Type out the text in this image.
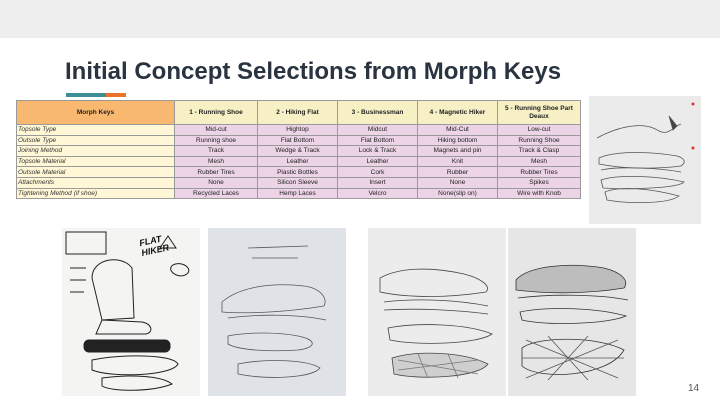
Initial Concept Selections from Morph Keys
Morph Keys	1 - Running Shoe	2 - Hiking Flat	3 - Businessman	4 - Magnetic Hiker	5 - Running Shoe Part Deaux
Topsole Type	Mid-cut	Hightop	Midcut	Mid-Cut	Low-cut
Outsole Type	Running shoe	Flat Bottom	Flat Bottom	Hiking bottom	Running Shoe
Joining Method	Track	Wedge & Track	Lock & Track	Magnets and pin	Track & Clasp
Topsole Material	Mesh	Leather	Leather	Knit	Mesh
Outsole Material	Rubber Tires	Plastic Bottles	Cork	Rubber	Rubber Tires
Attachments	None	Silicon Sleeve	Insert	None	Spikes
Tightening Method (if shoe)	Recycled Laces	Hemp Laces	Velcro	None(slip on)	Wire with Knob
FLAT HIKER
14
